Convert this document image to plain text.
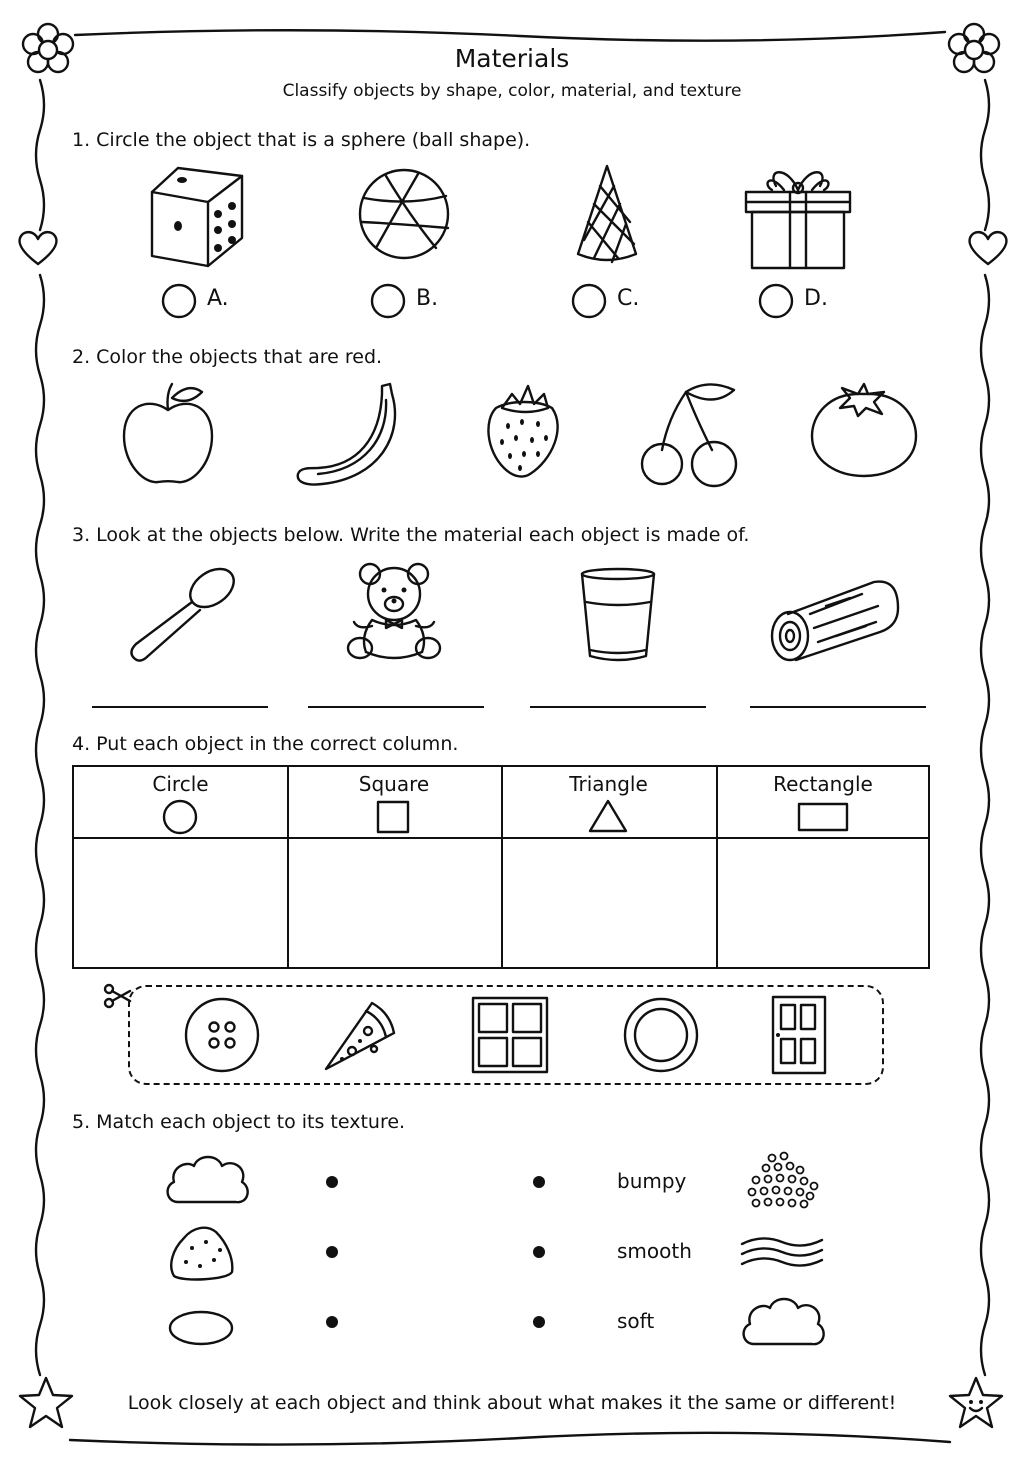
Materials
Classify objects by shape, color, material, and texture
1. Circle the object that is a sphere (ball shape).
A.	B.	C.	D.
2. Color the objects that are red.
3. Look at the objects below. Write the material each object is made of.
4. Put each object in the correct column.
Circle	Square	Triangle	Rectangle
5. Match each object to its texture.
bumpy
smooth
soft
Look closely at each object and think about what makes it the same or different!
